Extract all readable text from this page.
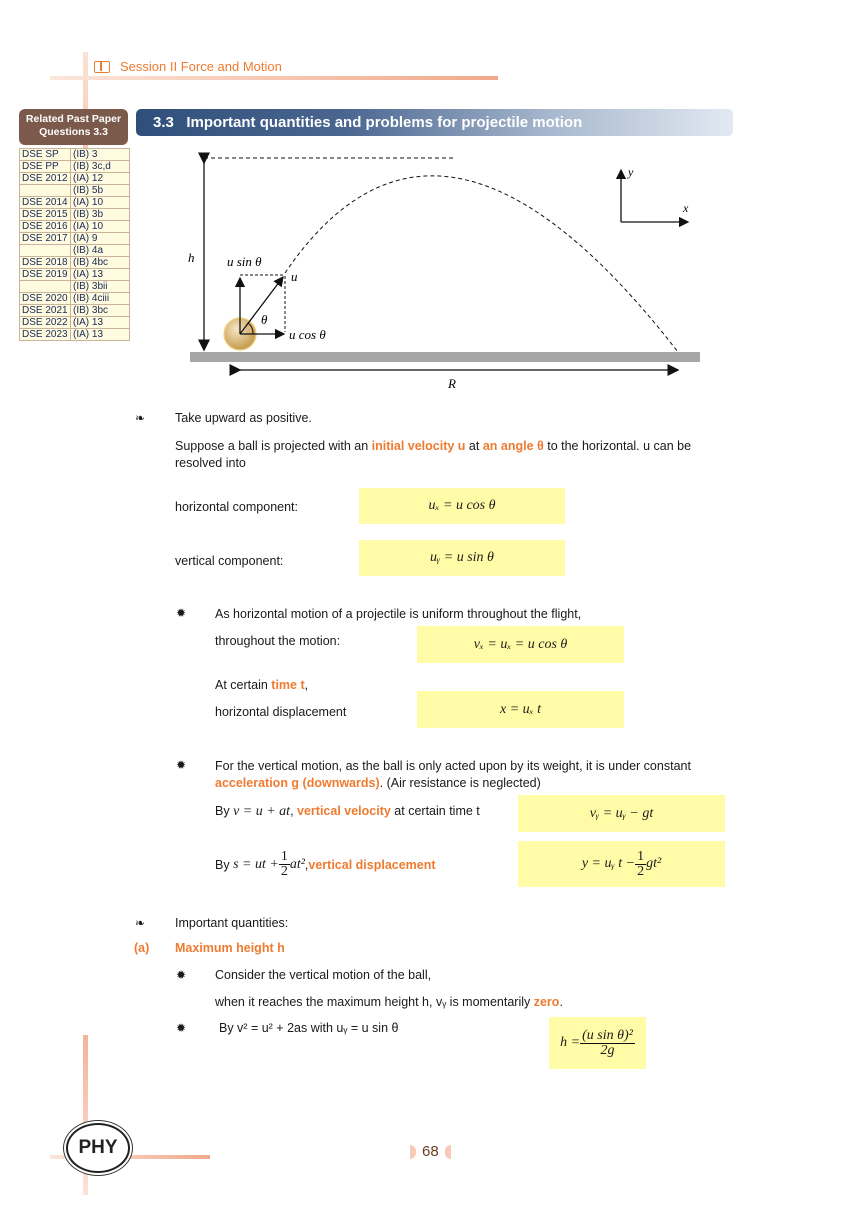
Session II Force and Motion
Related Past Paper
Questions 3.3
DSE SP	(IB) 3
DSE PP	(IB) 3c,d
DSE 2012	(IA) 12
	(IB) 5b
DSE 2014	(IA) 10
DSE 2015	(IB) 3b
DSE 2016	(IA) 10
DSE 2017	(IA) 9
	(IB) 4a
DSE 2018	(IB) 4bc
DSE 2019	(IA) 13
	(IB) 3bii
DSE 2020	(IB) 4ciii
DSE 2021	(IB) 3bc
DSE 2022	(IA) 13
DSE 2023	(IA) 13
3.3 Important quantities and problems for projectile motion
h	u sin θ
u
θ
u cos θ
R
x
y
❧ Take upward as positive.
Suppose a ball is projected with an initial velocity u at an angle θ to the horizontal. u can be resolved into
horizontal component:	uₓ = u cos θ
vertical component:	uᵧ = u sin θ
✹ As horizontal motion of a projectile is uniform throughout the flight,
throughout the motion:	vₓ = uₓ = u cos θ
At certain time t,
horizontal displacement	x = uₓ t
✹ For the vertical motion, as the ball is only acted upon by its weight, it is under constant acceleration g (downwards). (Air resistance is neglected)
By v = u + at, vertical velocity at certain time t	vᵧ = uᵧ − gt
By
s = ut + $\frac{1}{2} at^2$ , vertical displacement	y = uᵧ $t - \frac{1}{2} gt^2$
❧ Important quantities:
(a) Maximum height h
✹ Consider the vertical motion of the ball,
when it reaches the maximum height h, vᵧ is momentarily zero.
✹	By v² = u² + 2as with uᵧ = u sin θ
$h = \frac{\text{(u sin θ)²}}{2g}$
PHY	68
